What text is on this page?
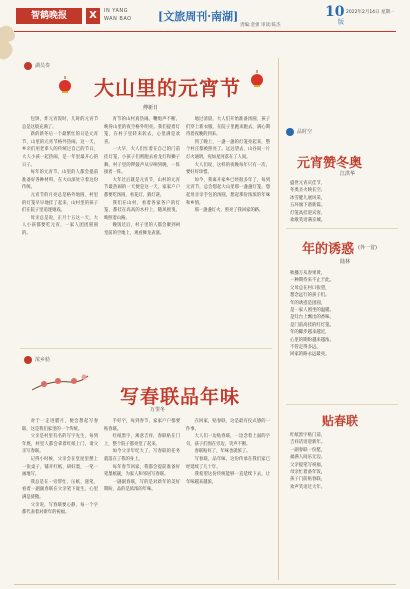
智鹤晚报	X	IN YANG
WAN BAO [文旅周刊·南湖]	10
版
2022年2月14日 星期一
责编:金蕾 审读:陈杰
湖员奏
大山里的元宵节
傅新日

包饼、炸元宵饭时，儿时的元宵节总是这般充满了。

新的新冬后一个最繁忙的日是元宵节，山里的元宵节格外热闹。这一天，乡亲们用老辈人的传统过自己的节日，大人小孩一起热闹，是一年里最开心的日子。

每年的元宵节，山里的人都会提前准备好各种材料，在大山深处守着这份传统。

元宵节的月亮总是格外地圆，村里的灯笼早早地挂了起来，山村里的孩子们在院子里追逐嬉戏。

母亲总是说，正月十五这一天，大人小孩都要吃元宵，一家人团团圆圆的。

宵节的山村真热闹。鞭炮声不断，映得山里的夜空格外明亮。我们提着灯笼，在村子里转来转去，心里满是欢喜。

一大早，大人们忙着在自己的门前挂灯笼，小孩子们则跑去看龙灯和狮子舞。村子里的锣鼓声从早响到晚，一阵接着一阵。

大年过后就是元宵节，山村的元宵节最热闹的一天便是这一天，家家户户都要吃汤圆，看花灯，猜灯谜。

我们在山村，看着各家各户的灯笼，都挂在高高的木杆上，随风摇曳，映照着山路。

晚饭过后，村子里的人都会聚到祠堂前的空地上，观看舞龙表演。

地过清晨。大人们开始准备汤圆，孩子们穿上新衣服，在院子里跑来跑去，满心期待着夜晚的到来。

到了晚上，一盏一盏的灯笼亮起来，整个村庄都被照亮了。远远望去，山谷间一片灯火通明，宛如星河落在了人间。

大人们说，这样的夜晚每年只有一次，要好好珍惜。

如今，我离开家乡已经很多年了，每到元宵节，总会想起大山里那一盏盏灯笼，想起母亲亲手包的汤圆，想起那份浓浓的年味和乡情。

那一盏盏灯火，照亮了我回家的路。

浓乡舫
写春联品年味
万里冬

对于一走进腊月，便会想起写春联，这是我们家里的一个传统。

父亲是村里有名的写字先生，每到年底，村里人都会拿着红纸上门，请父亲写春联。

记得小时候，父亲会在堂屋里摆上一张桌子，铺开红纸，研好墨，一笔一画地写。

我总是在一旁帮忙，压纸、递笔，看着一副副春联在父亲笔下诞生，心里满是骄傲。

父亲说，写春联要心静，每一个字都代表着对新年的祝福。

手好字，每到春节，家家户户都要贴春联。

红纸黑字，寓意吉祥，春联贴在门上，整个院子都亮堂了起来。

如今父亲年纪大了，写春联的任务就落在了我的身上。

每年春节回家，我都会提前准备好笔墨纸砚，为家人和邻居写春联。

一副副春联，写的是对新年的美好期盼，品的是浓浓的年味。

在回家，贴春联，这是最有仪式感的一件事。

大人们一边贴春联，一边念着上面的字句，孩子们围在旁边，笑声不断。

春联贴好了，年味也就浓了。

写春联，品年味，这份传承在我们家已经延续了几十年。

我希望这份传统能够一直延续下去，让年味越来越浓。

品时空
元宵赞冬奥
江洪华
盛世元宵庆佳节，
冬奥圣火映长空。
冰雪健儿展风采，
五环旗下谱新篇。
灯笼高挂迎宾客，
欢歌笑语满京城。
年的诱惑 (外一首)
陆林
秋播万从春果黄，
一种期待来不止于此。
父母总在村口张望，
想念远行的孩子们。
年的诱惑是团圆，
是一家人围坐的温暖。
是灶台上飘出的香味，
是门前高挂的红灯笼。
年的脚步越来越近，
心里的期盼越来越浓。
不管走得多远，
回家的路永远最亮。
贴春联
红纸黑字贴门前，
吉祥话语迎新年。
一副春联一份愿，
福满人间乐无边。
父亲提笔写祝福，
母亲忙着备年饭，
孩子门前贴春联，
欢声笑语过大年。
